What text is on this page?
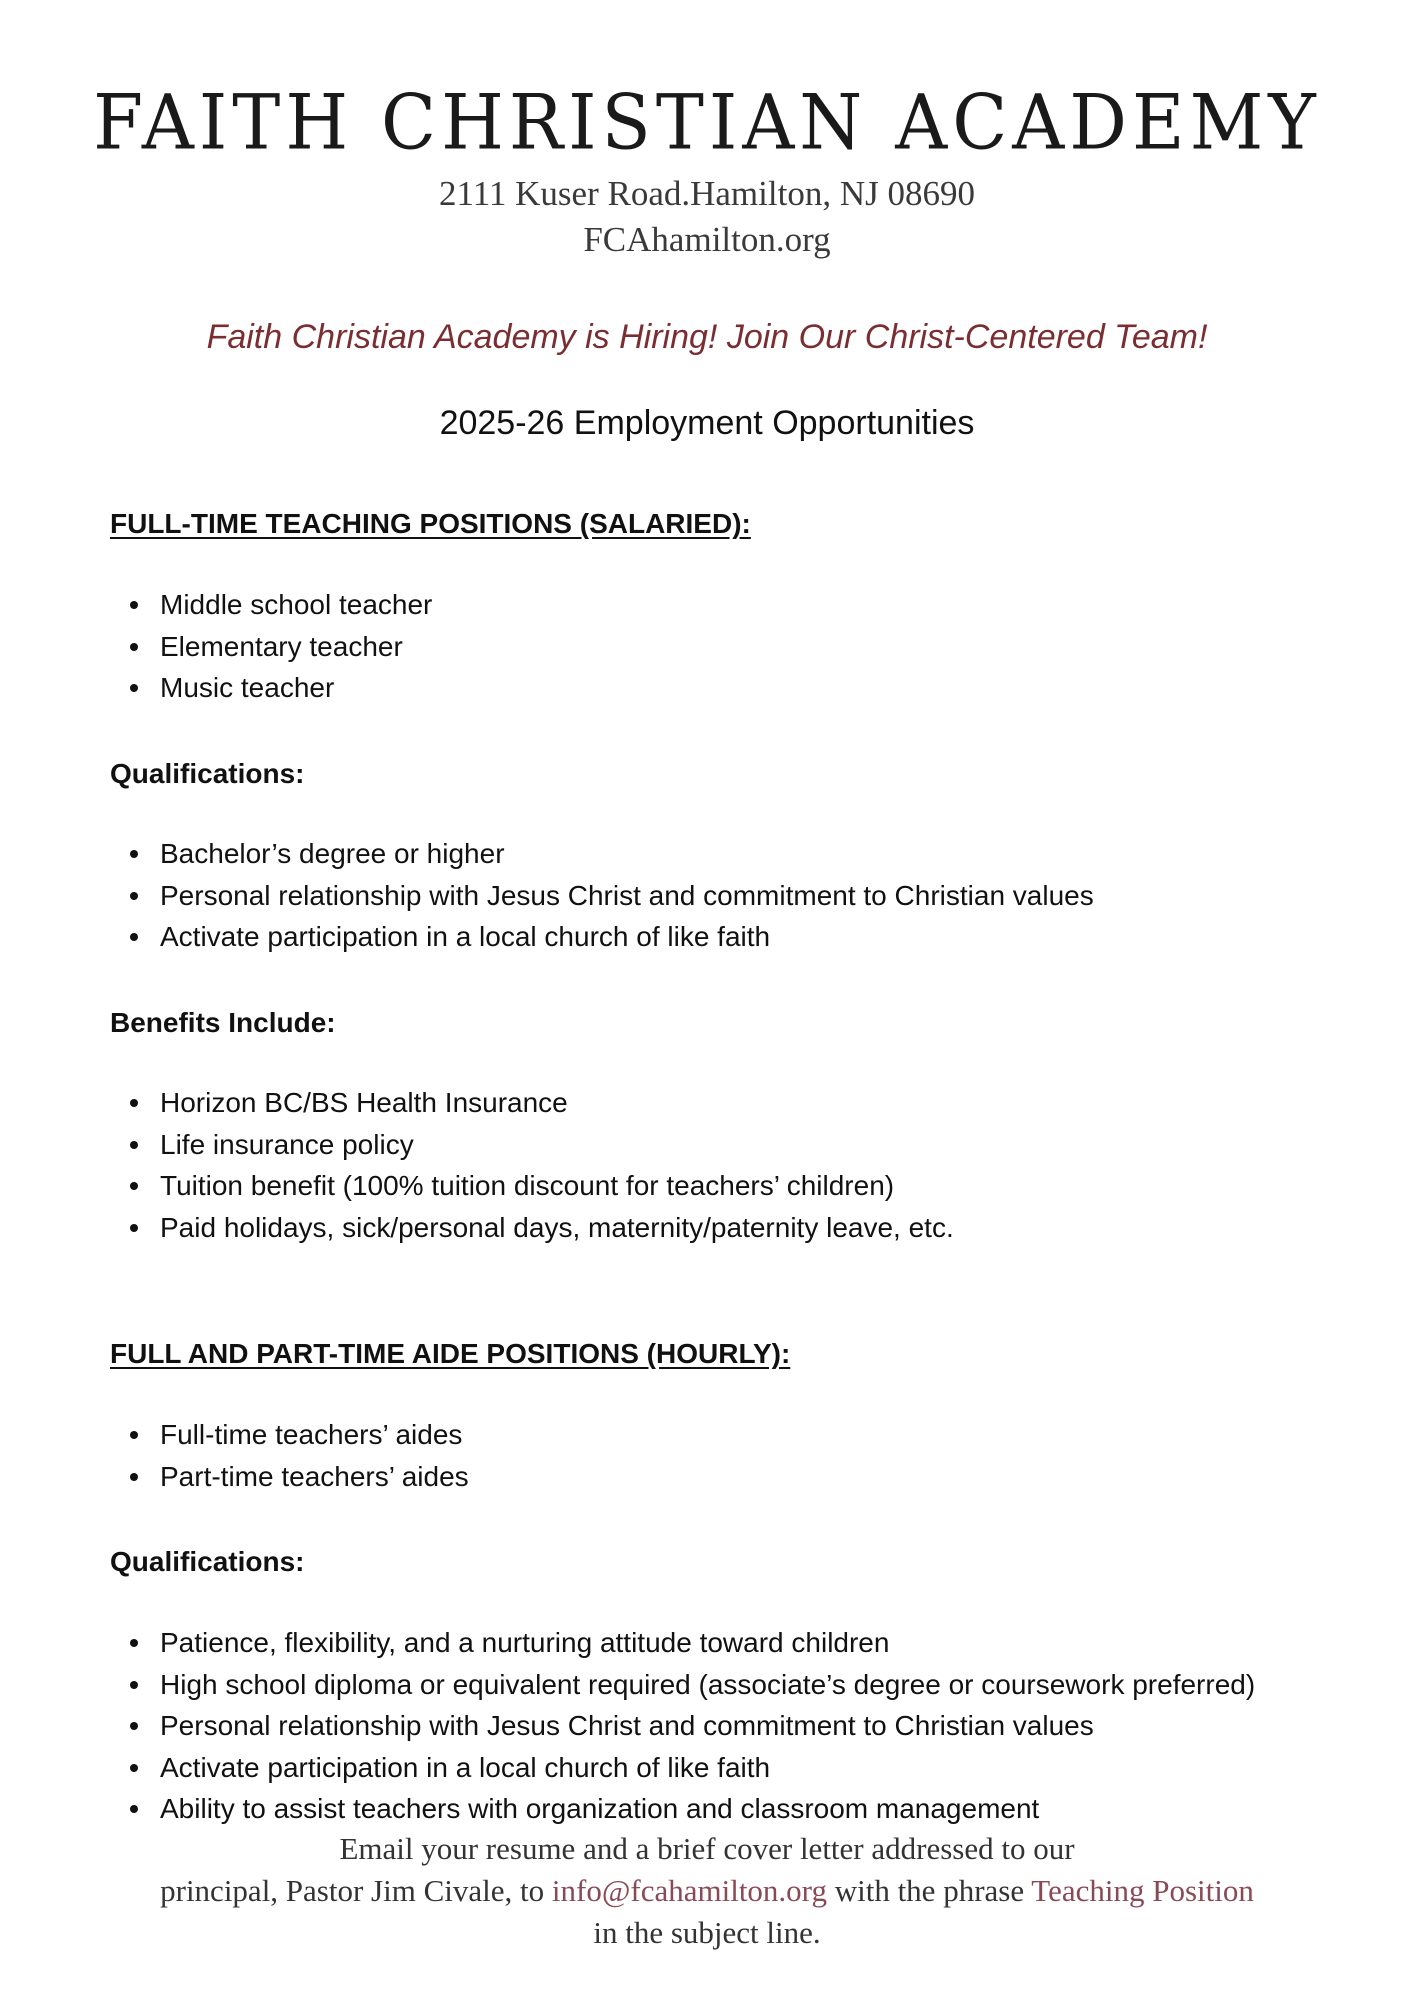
FAITH CHRISTIAN ACADEMY
2111 Kuser Road.Hamilton, NJ 08690
FCAhamilton.org
Faith Christian Academy is Hiring! Join Our Christ-Centered Team!
2025-26 Employment Opportunities
FULL-TIME TEACHING POSITIONS (SALARIED):
Middle school teacher
Elementary teacher
Music teacher
Qualifications:
Bachelor’s degree or higher
Personal relationship with Jesus Christ and commitment to Christian values
Activate participation in a local church of like faith
Benefits Include:
Horizon BC/BS Health Insurance
Life insurance policy
Tuition benefit (100% tuition discount for teachers’ children)
Paid holidays, sick/personal days, maternity/paternity leave, etc.
FULL AND PART-TIME AIDE POSITIONS (HOURLY):
Full-time teachers’ aides
Part-time teachers’ aides
Qualifications:
Patience, flexibility, and a nurturing attitude toward children
High school diploma or equivalent required (associate’s degree or coursework preferred)
Personal relationship with Jesus Christ and commitment to Christian values
Activate participation in a local church of like faith
Ability to assist teachers with organization and classroom management
Email your resume and a brief cover letter addressed to our
principal, Pastor Jim Civale, to info@fcahamilton.org with the phrase Teaching Position
in the subject line.
